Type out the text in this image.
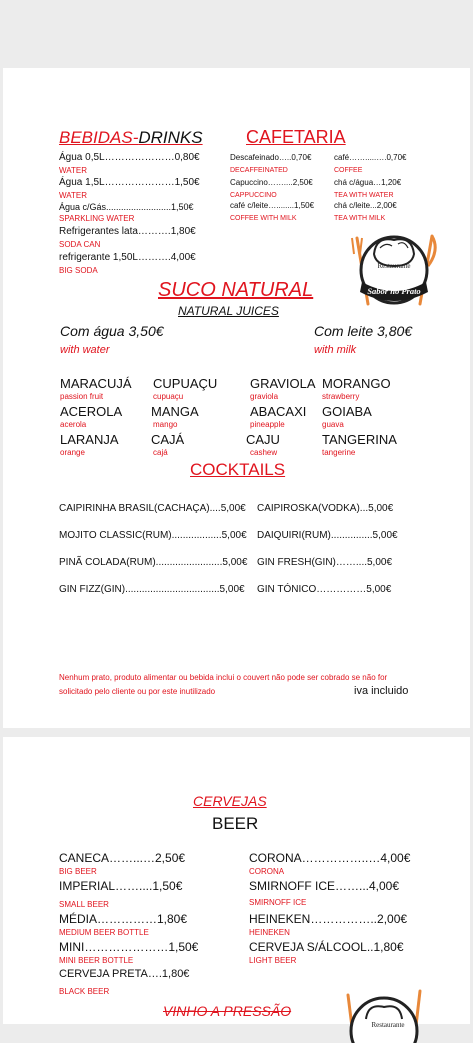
BEBIDAS-DRINKS
Água 0,5L…………………0,80€
WATER
Água 1,5L…………………1,50€
WATER
Água c/Gás..........................1,50€
SPARKLING WATER
Refrigerantes lata……….1,80€
SODA CAN
refrigerante 1,50L……….4,00€
BIG SODA
CAFETARIA
Descafeinado…..0,70€
DECAFFEINATED
Capuccino……....2,50€
CAPPUCCINO
café c/leite…........1,50€
COFFEE WITH MILK
café…….....….0,70€
COFFEE
chá c/água…1,20€
TEA WITH WATER
chá c/leite...2,00€
TEA WITH MILK
Restaurante
Sabor no Prato
SUCO NATURAL
NATURAL JUICES
Com água 3,50€
with water
Com leite 3,80€
with milk
MARACUJÁ
passion fruit
CUPUAÇU
cupuaçu
GRAVIOLA
graviola
MORANGO
strawberry
ACEROLA
acerola
MANGA
mango
ABACAXI
pineapple
GOIABA
guava
LARANJA
orange
CAJÁ
cajá
CAJU
cashew
TANGERINA
tangerine
COCKTAILS
CAIPIRINHA BRASIL(CACHAÇA)....5,00€ CAIPIROSKA(VODKA)...5,00€
MOJITO CLASSIC(RUM)..................5,00€ DAIQUIRI(RUM)...............5,00€
PINÃ COLADA(RUM)........................5,00€ GIN FRESH(GIN)……....5,00€
GIN FIZZ(GIN)..................................5,00€ GIN TÓNICO……………5,00€
Nenhum prato, produto alimentar ou bebida inclui o couvert não pode ser cobrado se não for
solicitado pelo cliente ou por este inutilizado	iva incluido
CERVEJAS
BEER
CANECA……...…2,50€
BIG BEER
IMPERIAL……....1,50€
SMALL BEER
MÉDIA……………1,80€
MEDIUM BEER BOTTLE
MINI…………………1,50€
MINI BEER BOTTLE
CERVEJA PRETA….1,80€
BLACK BEER
CORONA……………..…4,00€
CORONA
SMIRNOFF ICE……...4,00€
SMIRNOFF ICE
HEINEKEN……………..2,00€
HEINEKEN
CERVEJA S/ÁLCOOL..1,80€
LIGHT BEER
VINHO A PRESSÃO
Restaurante
